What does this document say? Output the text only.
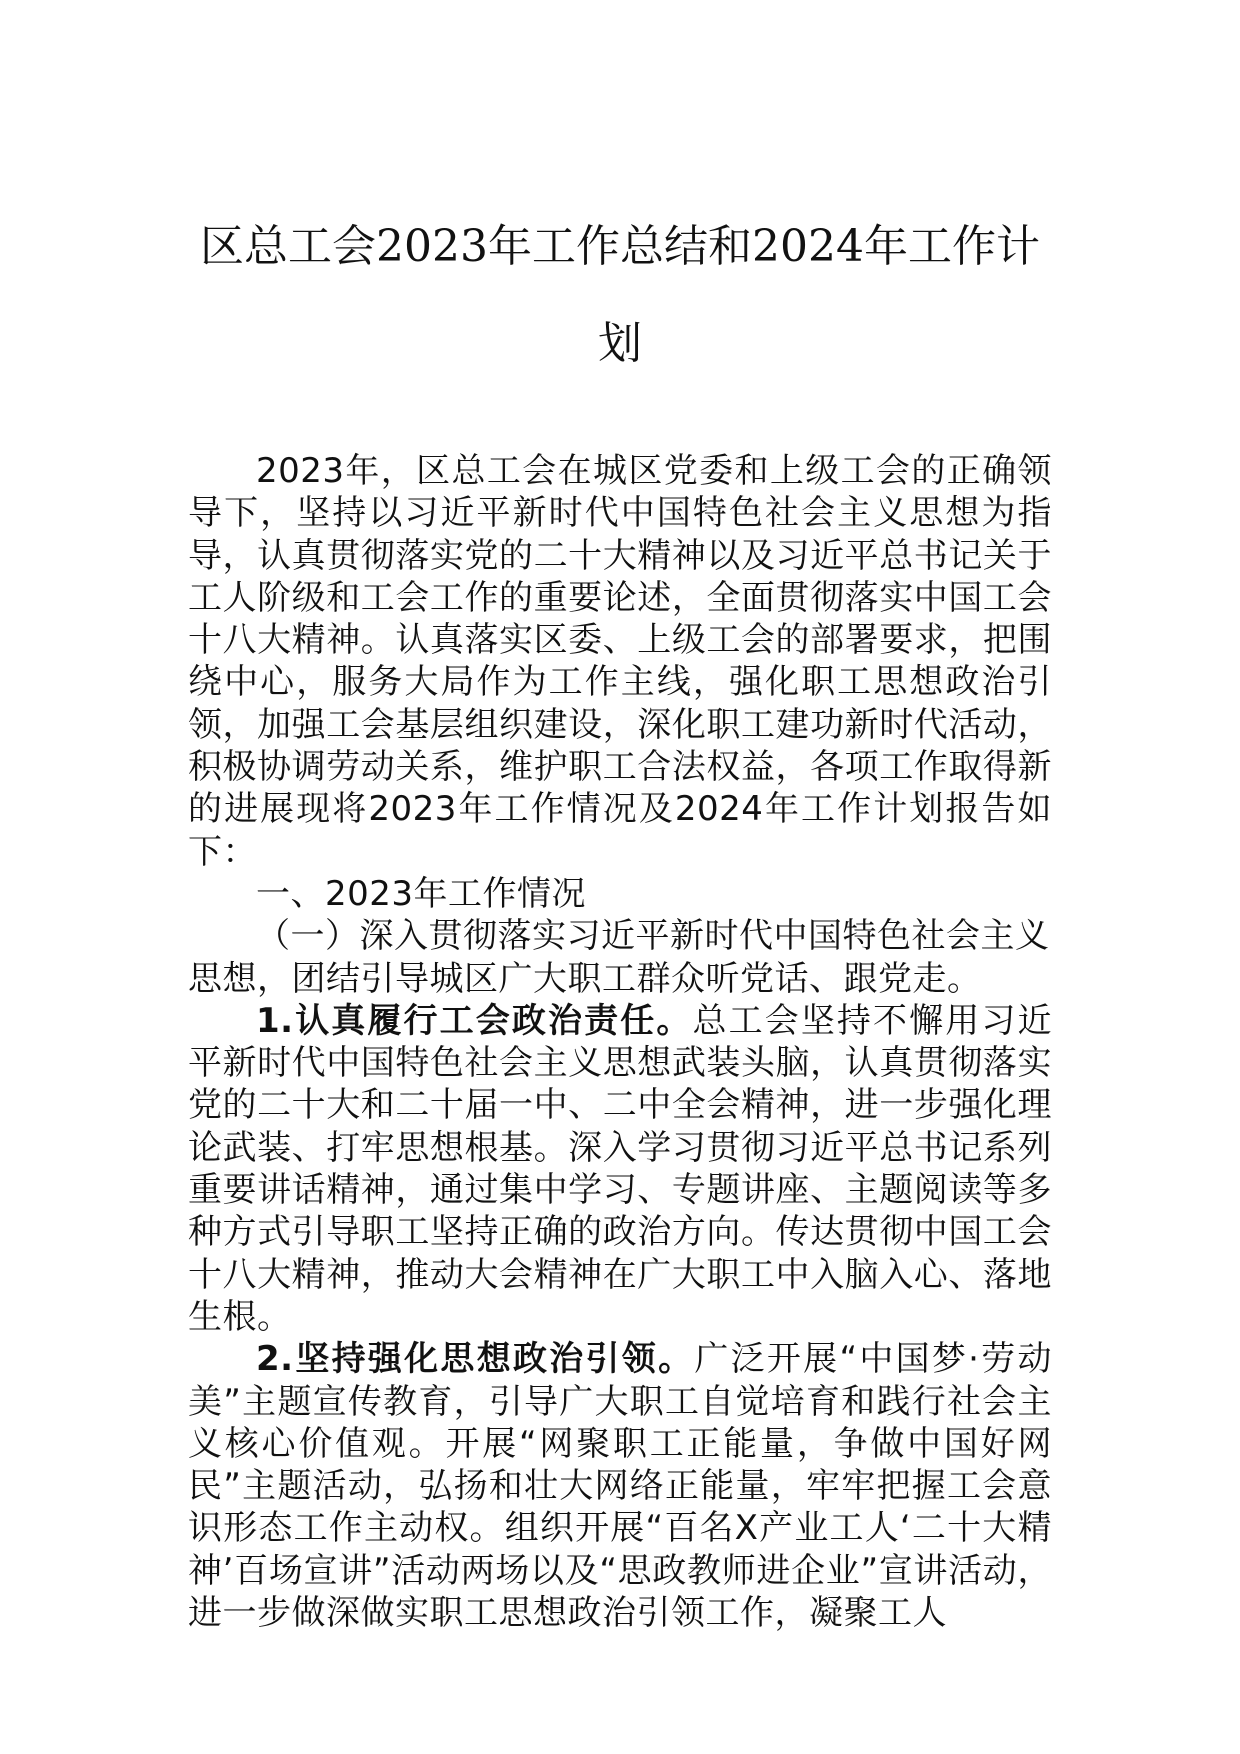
区总工会2023年工作总结和2024年工作计
划

2023年，区总工会在城区党委和上级工会的正确领导下，坚持以习近平新时代中国特色社会主义思想为指导，认真贯彻落实党的二十大精神以及习近平总书记关于工人阶级和工会工作的重要论述，全面贯彻落实中国工会十八大精神。认真落实区委、上级工会的部署要求，把围绕中心，服务大局作为工作主线，强化职工思想政治引领，加强工会基层组织建设，深化职工建功新时代活动，积极协调劳动关系，维护职工合法权益，各项工作取得新的进展现将2023年工作情况及2024年工作计划报告如下：

一、2023年工作情况

（一）深入贯彻落实习近平新时代中国特色社会主义思想，团结引导城区广大职工群众听党话、跟党走。

1.认真履行工会政治责任。总工会坚持不懈用习近平新时代中国特色社会主义思想武装头脑，认真贯彻落实党的二十大和二十届一中、二中全会精神，进一步强化理论武装、打牢思想根基。深入学习贯彻习近平总书记系列重要讲话精神，通过集中学习、专题讲座、主题阅读等多种方式引导职工坚持正确的政治方向。传达贯彻中国工会十八大精神，推动大会精神在广大职工中入脑入心、落地生根。

2.坚持强化思想政治引领。广泛开展“中国梦·劳动美”主题宣传教育，引导广大职工自觉培育和践行社会主义核心价值观。开展“网聚职工正能量，争做中国好网民”主题活动，弘扬和壮大网络正能量，牢牢把握工会意识形态工作主动权。组织开展“百名X产业工人‘二十大精神’百场宣讲”活动两场以及“思政教师进企业”宣讲活动，进一步做深做实职工思想政治引领工作，凝聚工人
